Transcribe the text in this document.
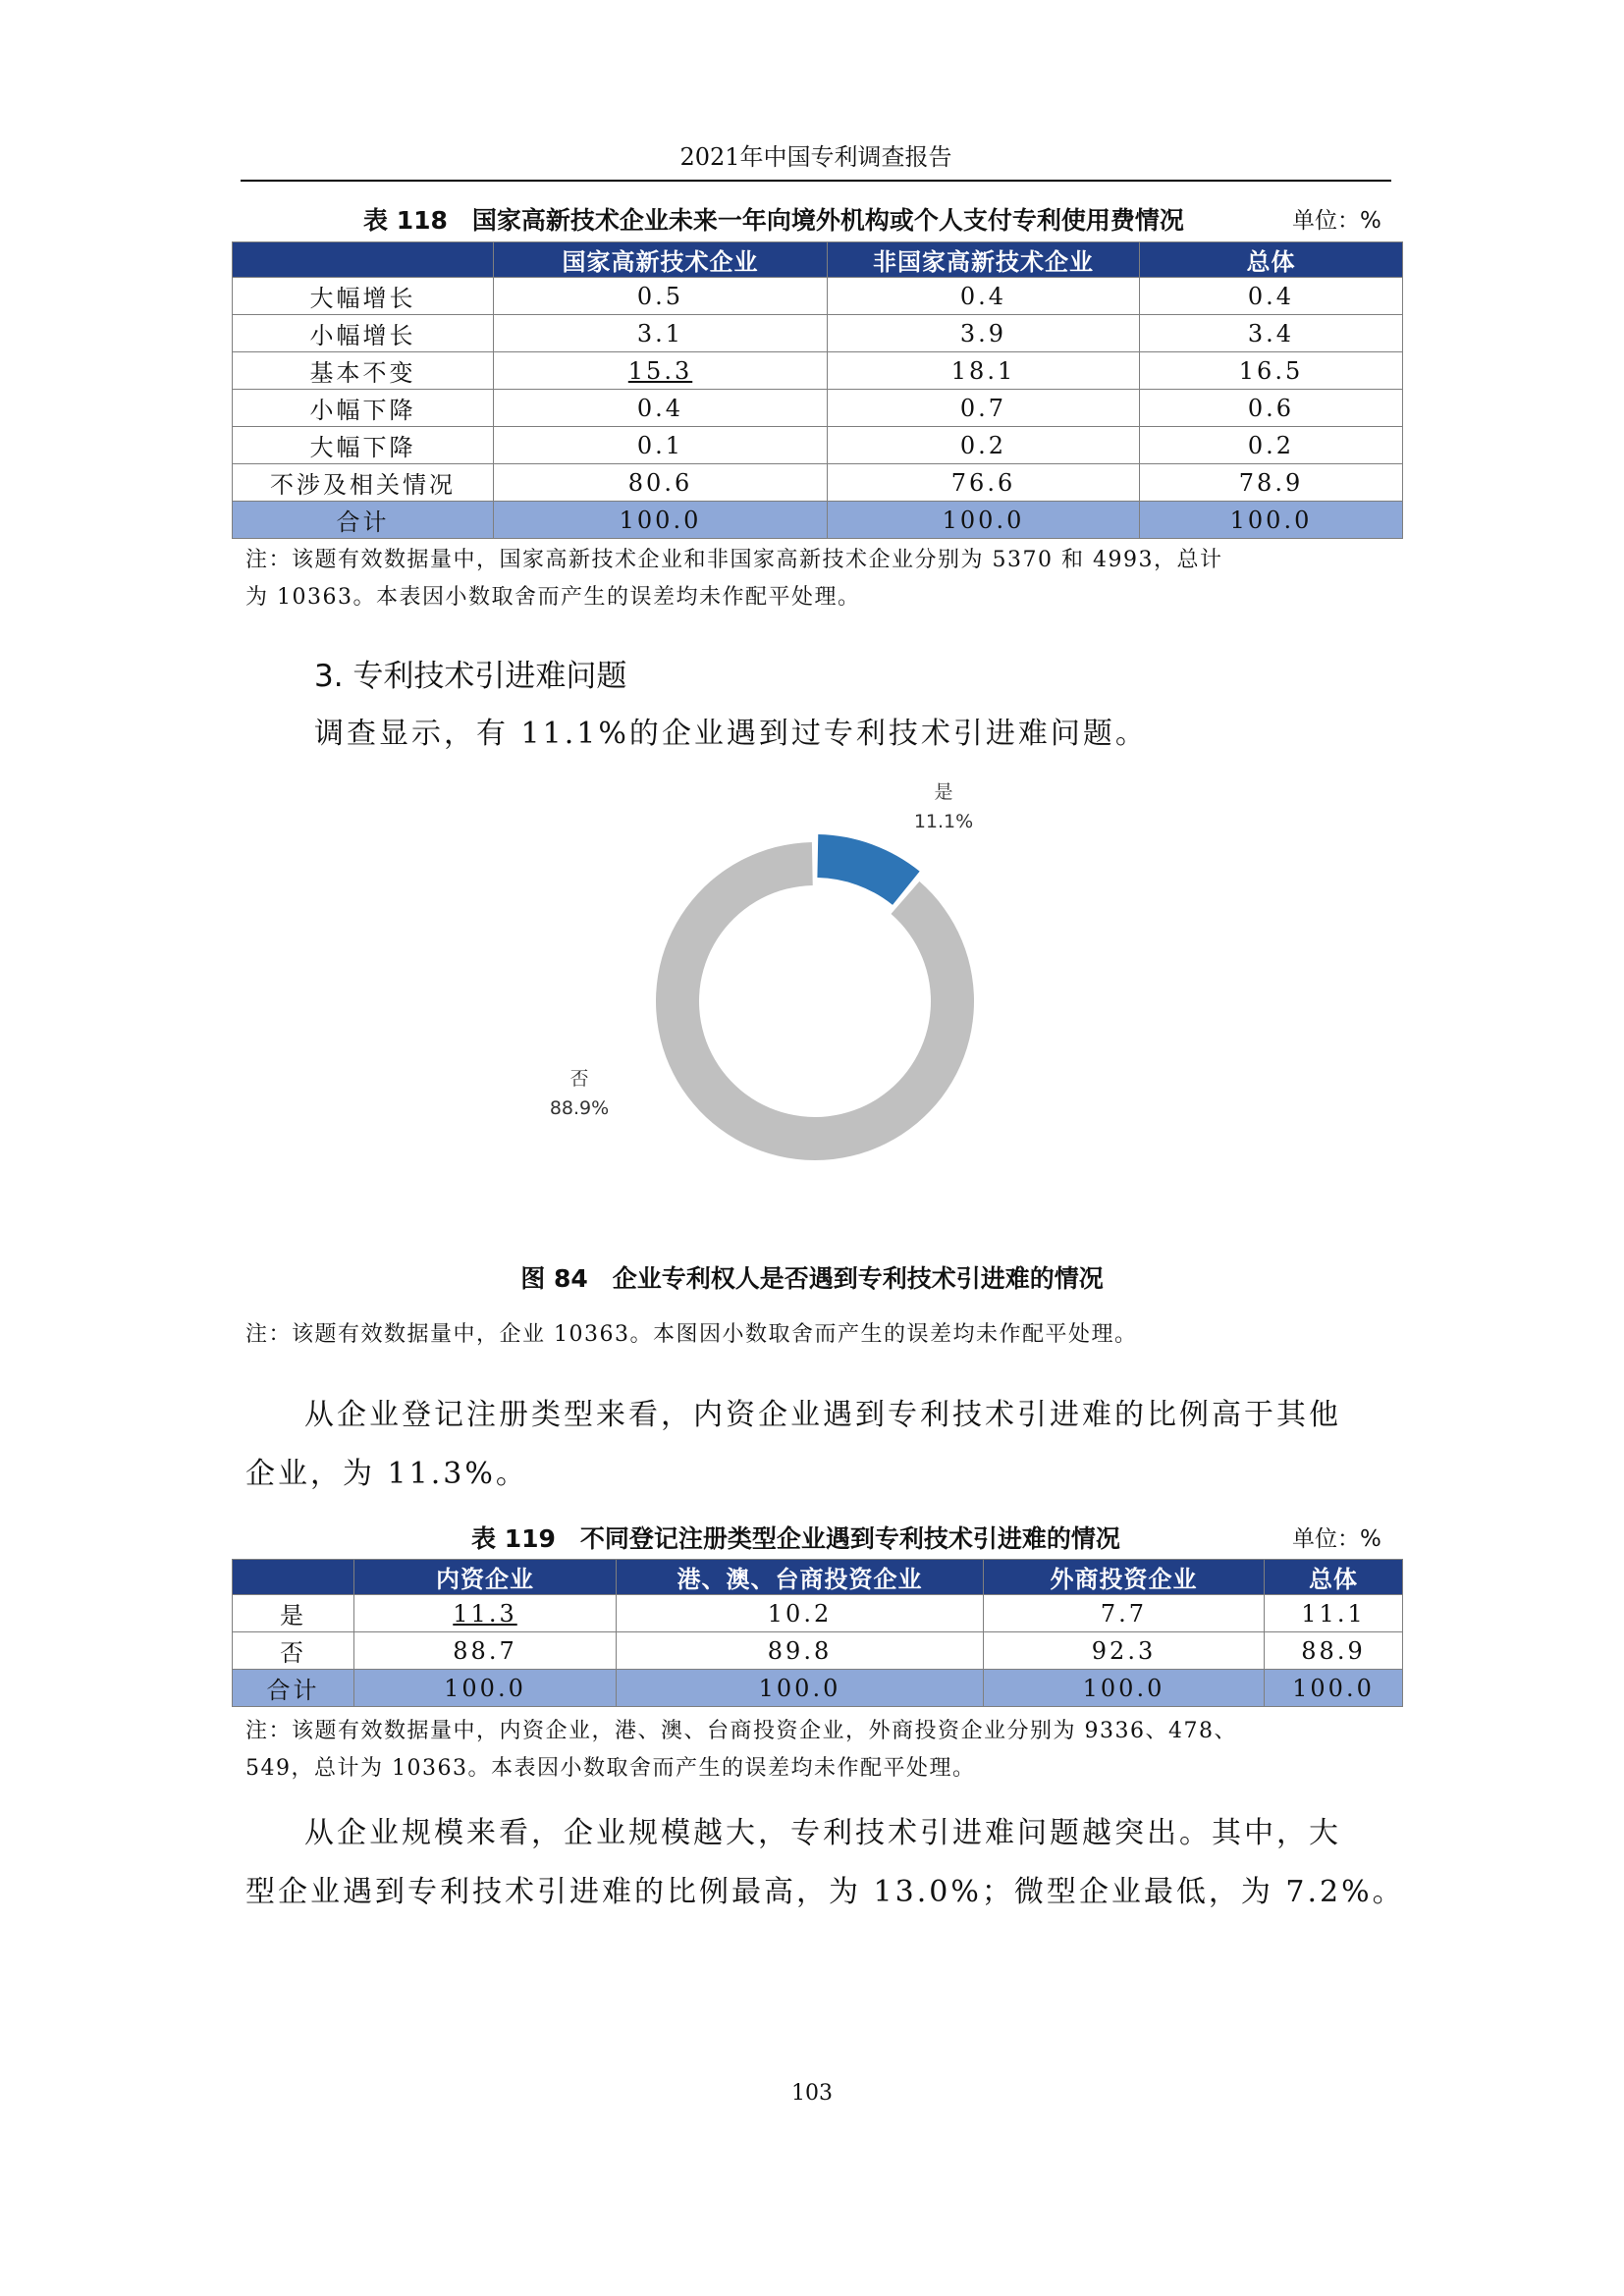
2021年中国专利调查报告
表 118　国家高新技术企业未来一年向境外机构或个人支付专利使用费情况	单位：%
	国家高新技术企业	非国家高新技术企业	总体
大幅增长	0.5	0.4	0.4
小幅增长	3.1	3.9	3.4
基本不变	15.3	18.1	16.5
小幅下降	0.4	0.7	0.6
大幅下降	0.1	0.2	0.2
不涉及相关情况	80.6	76.6	78.9
合计	100.0	100.0	100.0
注：该题有效数据量中，国家高新技术企业和非国家高新技术企业分别为 5370 和 4993，总计
为 10363。本表因小数取舍而产生的误差均未作配平处理。
3. 专利技术引进难问题
调查显示，有 11.1%的企业遇到过专利技术引进难问题。
是
11.1%
否
88.9%
图 84　企业专利权人是否遇到专利技术引进难的情况
注：该题有效数据量中，企业 10363。本图因小数取舍而产生的误差均未作配平处理。
从企业登记注册类型来看，内资企业遇到专利技术引进难的比例高于其他
企业，为 11.3%。
表 119　不同登记注册类型企业遇到专利技术引进难的情况	单位：%
	内资企业	港、澳、台商投资企业	外商投资企业	总体
是	11.3	10.2	7.7	11.1
否	88.7	89.8	92.3	88.9
合计	100.0	100.0	100.0	100.0
注：该题有效数据量中，内资企业，港、澳、台商投资企业，外商投资企业分别为 9336、478、
549，总计为 10363。本表因小数取舍而产生的误差均未作配平处理。
从企业规模来看，企业规模越大，专利技术引进难问题越突出。其中，大
型企业遇到专利技术引进难的比例最高，为 13.0%；微型企业最低，为 7.2%。
103
